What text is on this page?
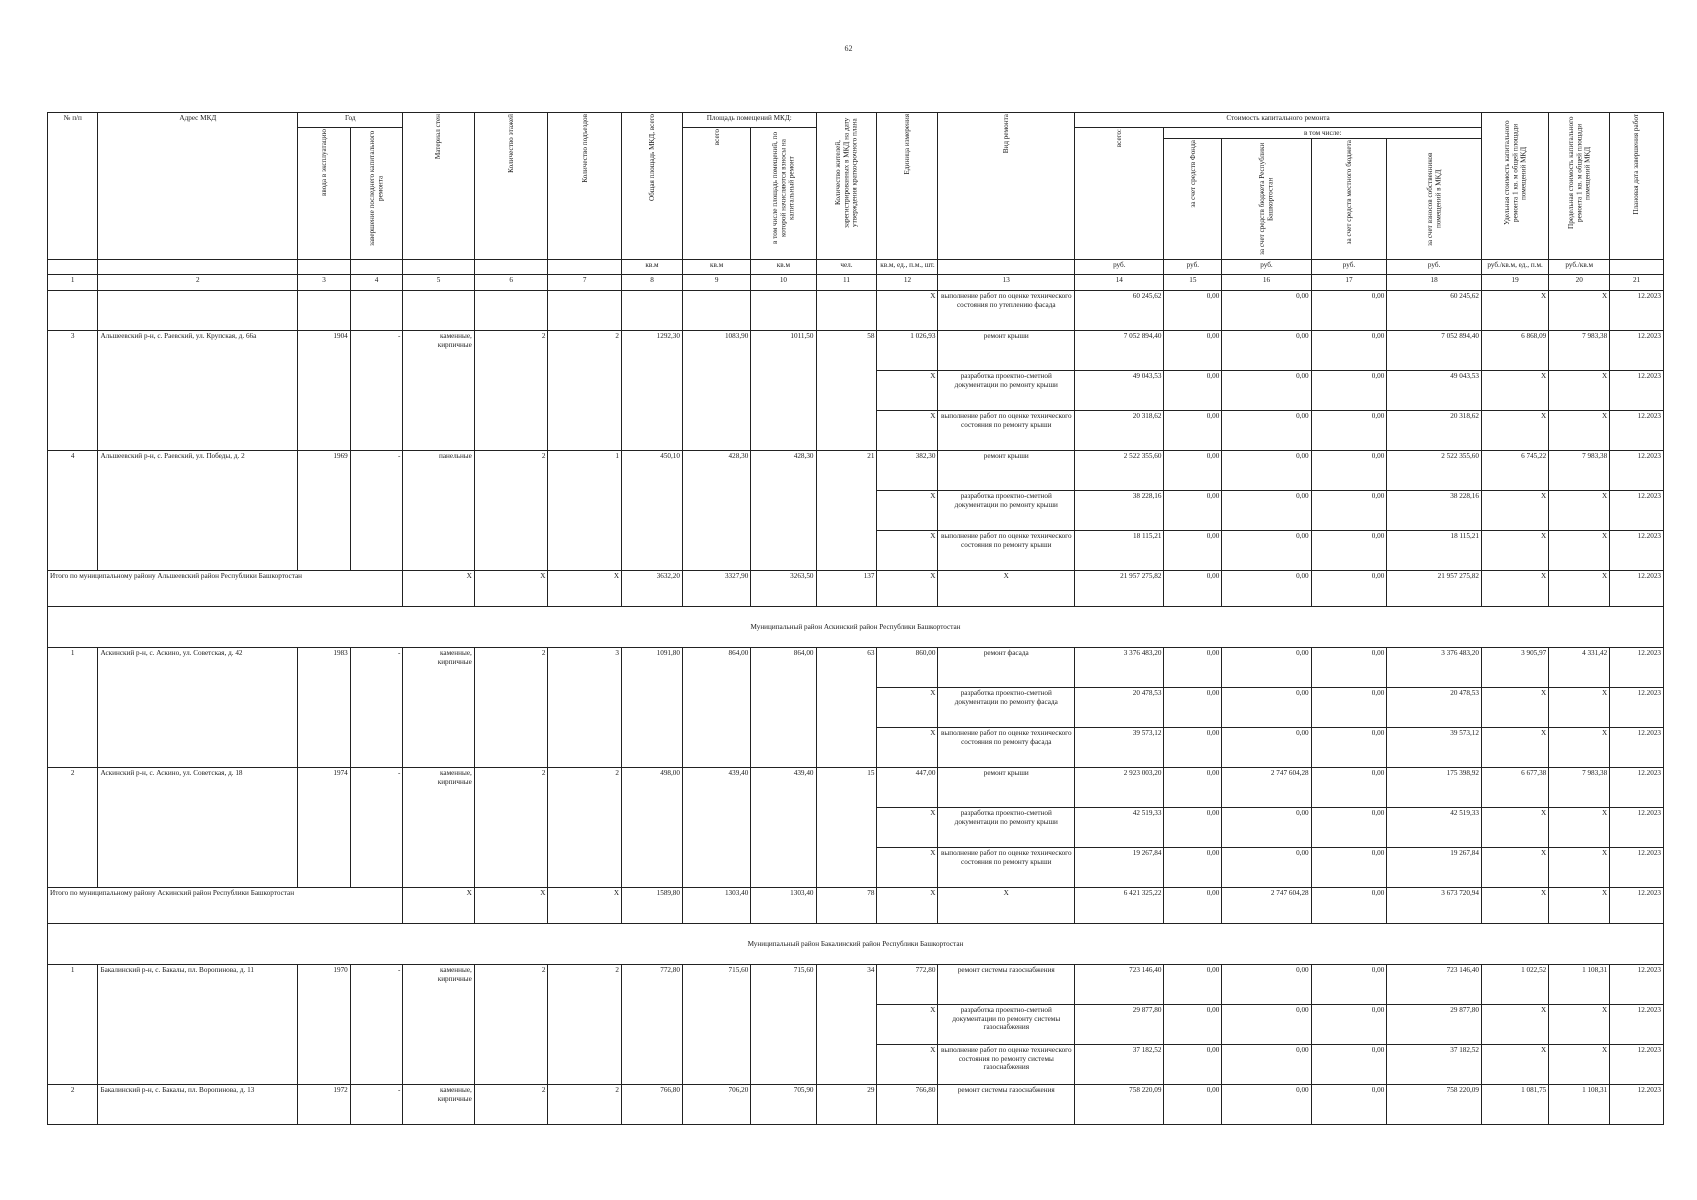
62
№ п/п	Адрес МКД	Год		Материал стен	Количество этажей	Количество подъездов	Общая площадь МКД, всего	Площадь помещений МКД:		Количество жителей, зарегистрированных в МКД на дату утверждения краткосрочного плана	Единица измерения	Вид ремонта	Стоимость капитального ремонта					Удельная стоимость капитального ремонта 1 кв. м общей площади помещений МКД	Предельная стоимость капитального ремонта 1 кв. м общей площади помещений МКД	Плановая дата завершения работ

		ввода в эксплуатацию	завершение последнего капитального ремонта					всего	в том числе площадь помещений, по которой начисляются взносы на капитальный ремонт				всего:	в том числе:						

														за счет средств Фонда	за счет средств бюджета Республики Башкортостан	за счет средств местного бюджета	за счет взносов собственников помещений в МКД			

							кв.м	кв.м	кв.м	чел.	кв.м, ед., п.м., шт.		руб.	руб.	руб.	руб.	руб.	руб./кв.м, ед., п.м.	руб./кв.м	
1	2	3	4	5	6	7	8	9	10	11	12	13	14	15	16	17	18	19	20	21
											X	выполнение работ по оценке технического состояния по утеплению фасада	60 245,62	0,00	0,00	0,00	60 245,62	X	X	12.2023
3	Альшеевский р-н, с. Раевский, ул. Крупская, д. 66а	1904	-	каменные, кирпичные	2	2	1292,30	1083,90	1011,50	58	1 026,93	ремонт крыши	7 052 894,40	0,00	0,00	0,00	7 052 894,40	6 868,09	7 983,38	12.2023
											X	разработка проектно-сметной документации по ремонту крыши	49 043,53	0,00	0,00	0,00	49 043,53	X	X	12.2023
											X	выполнение работ по оценке технического состояния по ремонту крыши	20 318,62	0,00	0,00	0,00	20 318,62	X	X	12.2023
4	Альшеевский р-н, с. Раевский, ул. Победы, д. 2	1969	-	панельные	2	1	450,10	428,30	428,30	21	382,30	ремонт крыши	2 522 355,60	0,00	0,00	0,00	2 522 355,60	6 745,22	7 983,38	12.2023
											X	разработка проектно-сметной документации по ремонту крыши	38 228,16	0,00	0,00	0,00	38 228,16	X	X	12.2023
											X	выполнение работ по оценке технического состояния по ремонту крыши	18 115,21	0,00	0,00	0,00	18 115,21	X	X	12.2023
Итого по муниципальному району Альшеевский район Республики Башкортостан				X	X	X	3632,20	3327,90	3263,50	137	X	X	21 957 275,82	0,00	0,00	0,00	21 957 275,82	X	X	12.2023
Муниципальный район Аскинский район Республики Башкортостан																				
1	Аскинский р-н, с. Аскино, ул. Советская, д. 42	1983	-	каменные, кирпичные	2	3	1091,80	864,00	864,00	63	860,00	ремонт фасада	3 376 483,20	0,00	0,00	0,00	3 376 483,20	3 905,97	4 331,42	12.2023
											X	разработка проектно-сметной документации по ремонту фасада	20 478,53	0,00	0,00	0,00	20 478,53	X	X	12.2023
											X	выполнение работ по оценке технического состояния по ремонту фасада	39 573,12	0,00	0,00	0,00	39 573,12	X	X	12.2023
2	Аскинский р-н, с. Аскино, ул. Советская, д. 18	1974	-	каменные, кирпичные	2	2	498,00	439,40	439,40	15	447,00	ремонт крыши	2 923 003,20	0,00	2 747 604,28	0,00	175 398,92	6 677,38	7 983,38	12.2023
											X	разработка проектно-сметной документации по ремонту крыши	42 519,33	0,00	0,00	0,00	42 519,33	X	X	12.2023
											X	выполнение работ по оценке технического состояния по ремонту крыши	19 267,84	0,00	0,00	0,00	19 267,84	X	X	12.2023
Итого по муниципальному району Аскинский район Республики Башкортостан				X	X	X	1589,80	1303,40	1303,40	78	X	X	6 421 325,22	0,00	2 747 604,28	0,00	3 673 720,94	X	X	12.2023
Муниципальный район Бакалинский район Республики Башкортостан																				
1	Бакалинский р-н, с. Бакалы, пл. Воропинова, д. 11	1970	-	каменные, кирпичные	2	2	772,80	715,60	715,60	34	772,80	ремонт системы газоснабжения	723 146,40	0,00	0,00	0,00	723 146,40	1 022,52	1 108,31	12.2023
											X	разработка проектно-сметной документации по ремонту системы газоснабжения	29 877,80	0,00	0,00	0,00	29 877,80	X	X	12.2023
											X	выполнение работ по оценке технического состояния по ремонту системы газоснабжения	37 182,52	0,00	0,00	0,00	37 182,52	X	X	12.2023
2	Бакалинский р-н, с. Бакалы, пл. Воропинова, д. 13	1972	-	каменные, кирпичные	2	2	766,80	706,20	705,90	29	766,80	ремонт системы газоснабжения	758 220,09	0,00	0,00	0,00	758 220,09	1 081,75	1 108,31	12.2023
